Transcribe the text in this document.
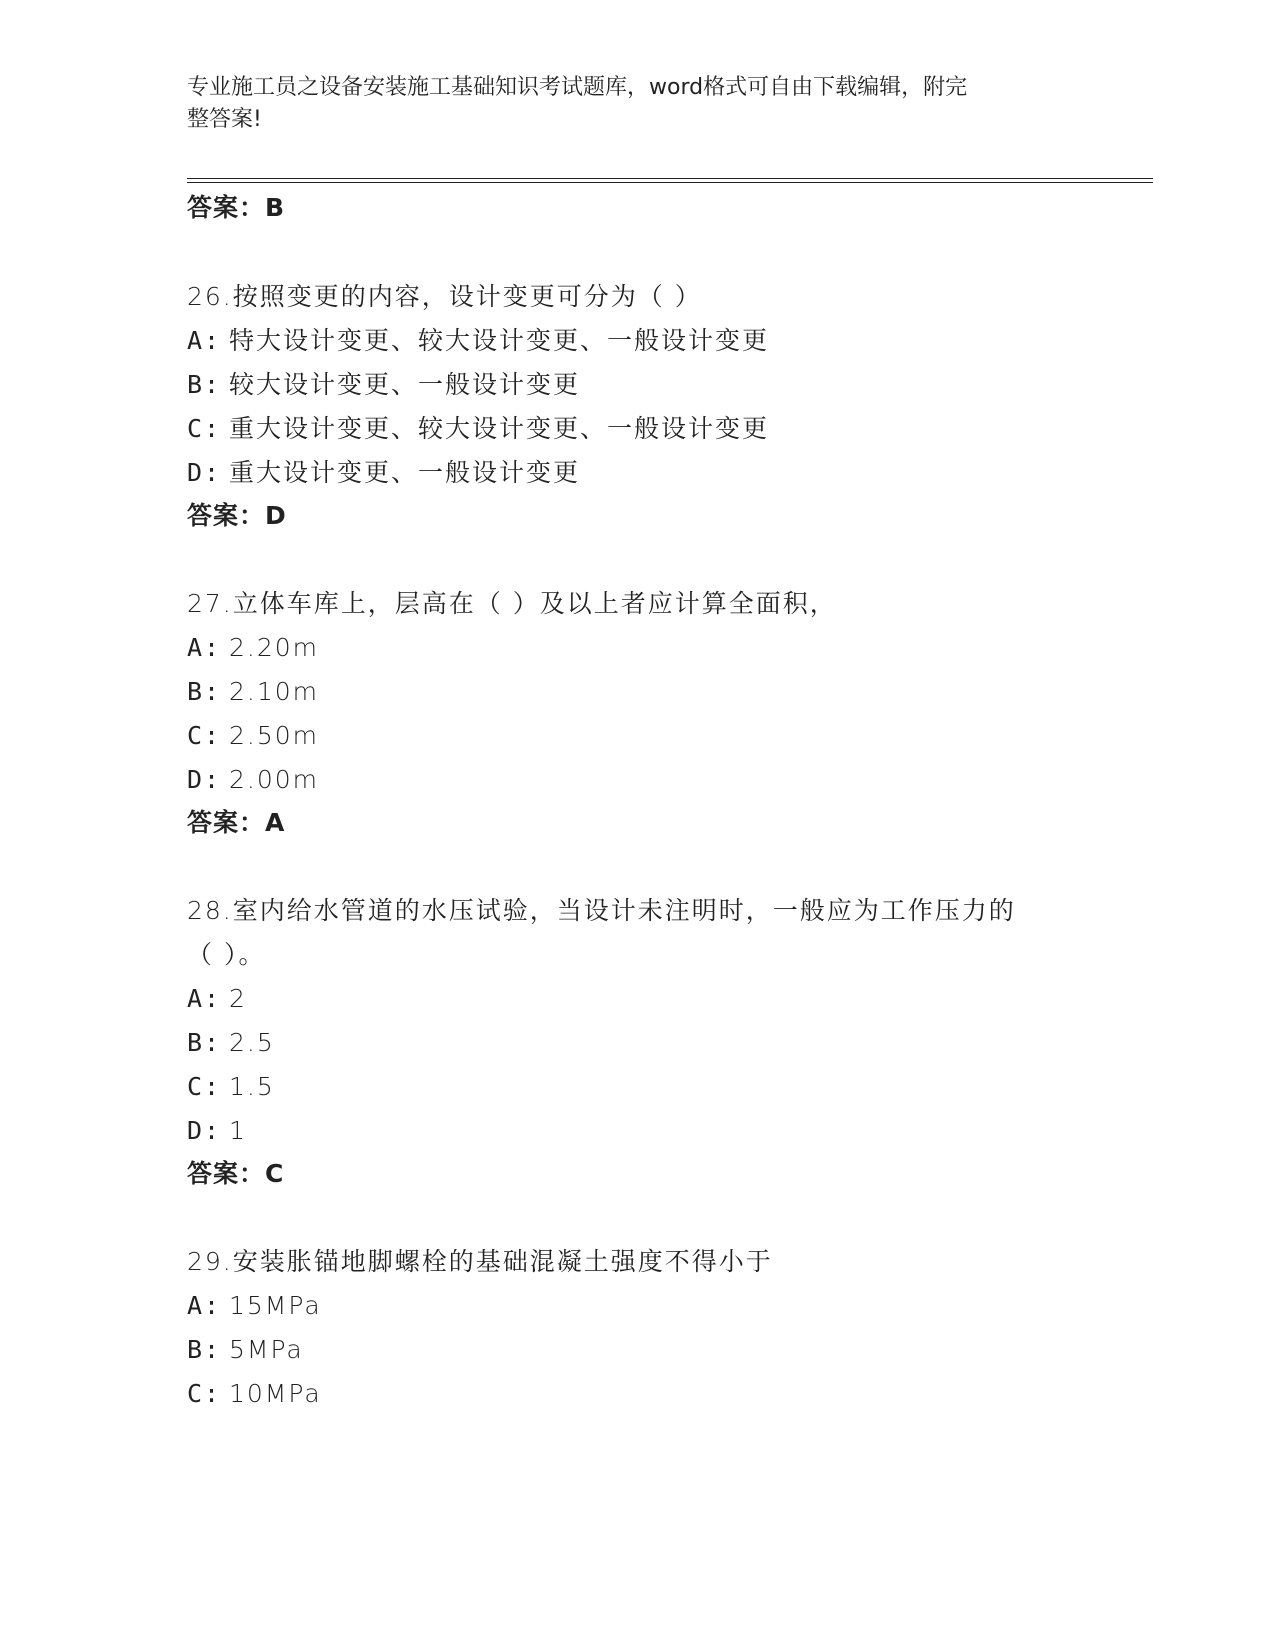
专业施工员之设备安装施工基础知识考试题库，word格式可自由下载编辑，附完
整答案!
答案：B
26.按照变更的内容，设计变更可分为（ ）
A: 特大设计变更、较大设计变更、一般设计变更
B: 较大设计变更、一般设计变更
C: 重大设计变更、较大设计变更、一般设计变更
D: 重大设计变更、一般设计变更
答案：D
27.立体车库上，层高在（ ）及以上者应计算全面积，
A: 2.20m
B: 2.10m
C: 2.50m
D: 2.00m
答案：A
28.室内给水管道的水压试验，当设计未注明时，一般应为工作压力的
（ ）。
A: 2
B: 2.5
C: 1.5
D: 1
答案：C
29.安装胀锚地脚螺栓的基础混凝土强度不得小于
A: 15MPa
B: 5MPa
C: 10MPa
